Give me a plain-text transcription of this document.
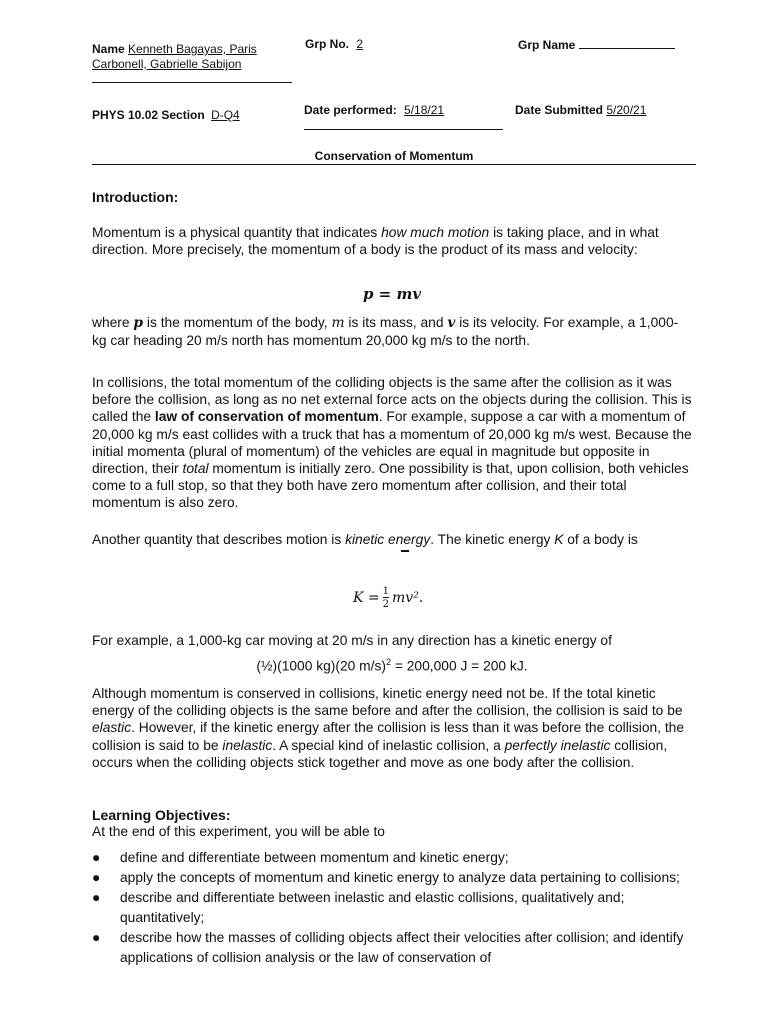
Name Kenneth Bagayas, Paris
Carbonell, Gabrielle Sabijon
Grp No. 2	Grp Name
PHYS 10.02 Section D-Q4	Date performed: 5/18/21	Date Submitted 5/20/21
Conservation of Momentum
Introduction:

Momentum is a physical quantity that indicates how much motion is taking place, and in what direction. More precisely, the momentum of a body is the product of its mass and velocity:

p = mv

where p is the momentum of the body, m is its mass, and v is its velocity. For example, a 1,000-kg car heading 20 m/s north has momentum 20,000 kg m/s to the north.

In collisions, the total momentum of the colliding objects is the same after the collision as it was before the collision, as long as no net external force acts on the objects during the collision. This is called the law of conservation of momentum. For example, suppose a car with a momentum of 20,000 kg m/s east collides with a truck that has a momentum of 20,000 kg m/s west. Because the initial momenta (plural of momentum) of the vehicles are equal in magnitude but opposite in direction, their total momentum is initially zero. One possibility is that, upon collision, both vehicles come to a full stop, so that they both have zero momentum after collision, and their total momentum is also zero.

Another quantity that describes motion is kinetic energy. The kinetic energy K of a body is

$K = \frac{1}{2} mv^2$.

For example, a 1,000-kg car moving at 20 m/s in any direction has a kinetic energy of

(½)(1000 kg)(20 m/s)$^2$ = 200,000 J = 200 kJ.

Although momentum is conserved in collisions, kinetic energy need not be. If the total kinetic energy of the colliding objects is the same before and after the collision, the collision is said to be elastic. However, if the kinetic energy after the collision is less than it was before the collision, the collision is said to be inelastic. A special kind of inelastic collision, a perfectly inelastic collision, occurs when the colliding objects stick together and move as one body after the collision.

Learning Objectives:
At the end of this experiment, you will be able to
● define and differentiate between momentum and kinetic energy;
● apply the concepts of momentum and kinetic energy to analyze data pertaining to collisions;
● describe and differentiate between inelastic and elastic collisions, qualitatively and; quantitatively;
● describe how the masses of colliding objects affect their velocities after collision; and identify applications of collision analysis or the law of conservation of
